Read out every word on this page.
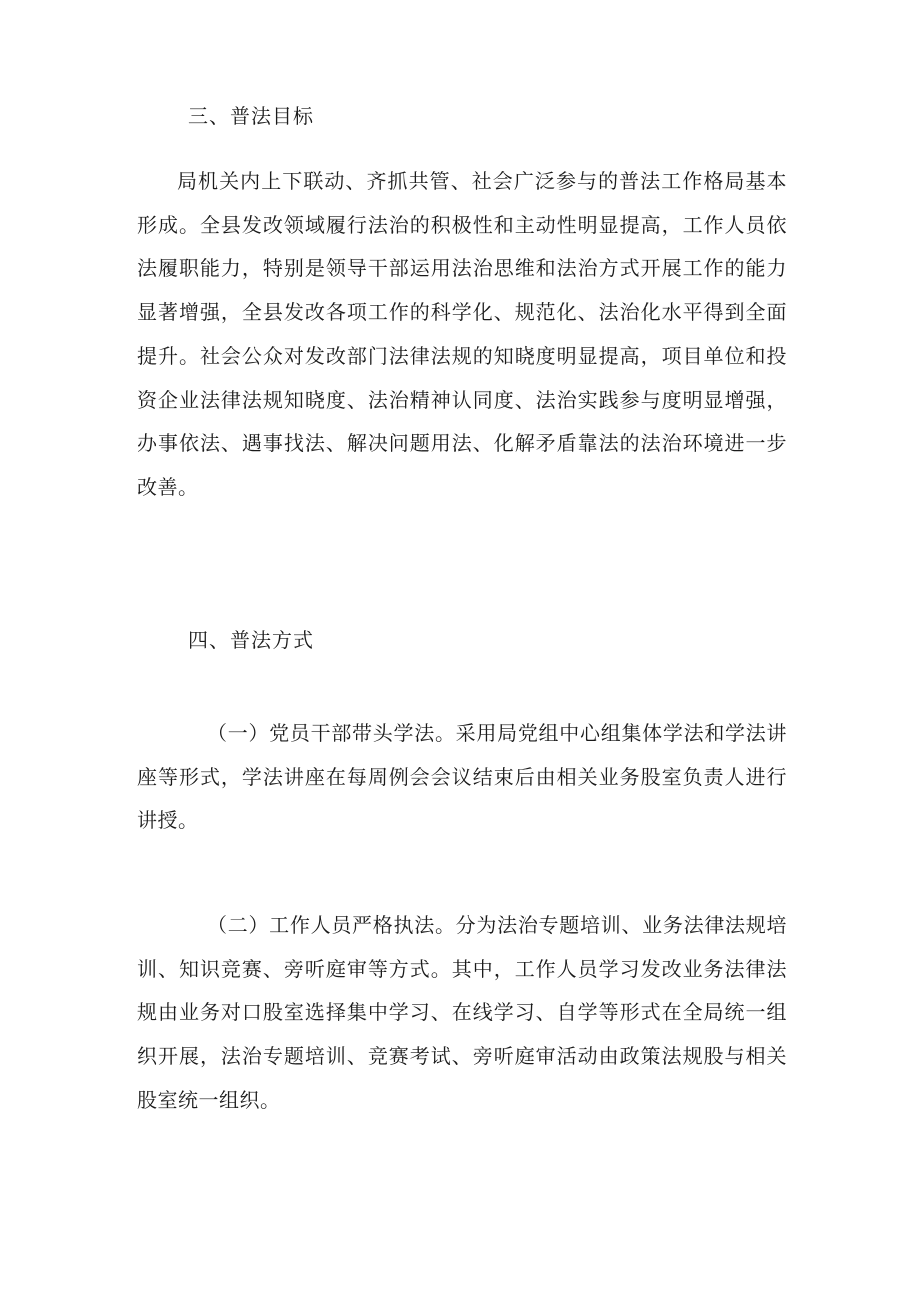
三、普法目标

局机关内上下联动、齐抓共管、社会广泛参与的普法工作格局基本形成。全县发改领域履行法治的积极性和主动性明显提高，工作人员依法履职能力，特别是领导干部运用法治思维和法治方式开展工作的能力显著增强，全县发改各项工作的科学化、规范化、法治化水平得到全面提升。社会公众对发改部门法律法规的知晓度明显提高，项目单位和投资企业法律法规知晓度、法治精神认同度、法治实践参与度明显增强，办事依法、遇事找法、解决问题用法、化解矛盾靠法的法治环境进一步改善。

四、普法方式

（一）党员干部带头学法。采用局党组中心组集体学法和学法讲座等形式，学法讲座在每周例会会议结束后由相关业务股室负责人进行讲授。

（二）工作人员严格执法。分为法治专题培训、业务法律法规培训、知识竞赛、旁听庭审等方式。其中，工作人员学习发改业务法律法规由业务对口股室选择集中学习、在线学习、自学等形式在全局统一组织开展，法治专题培训、竞赛考试、旁听庭审活动由政策法规股与相关股室统一组织。
